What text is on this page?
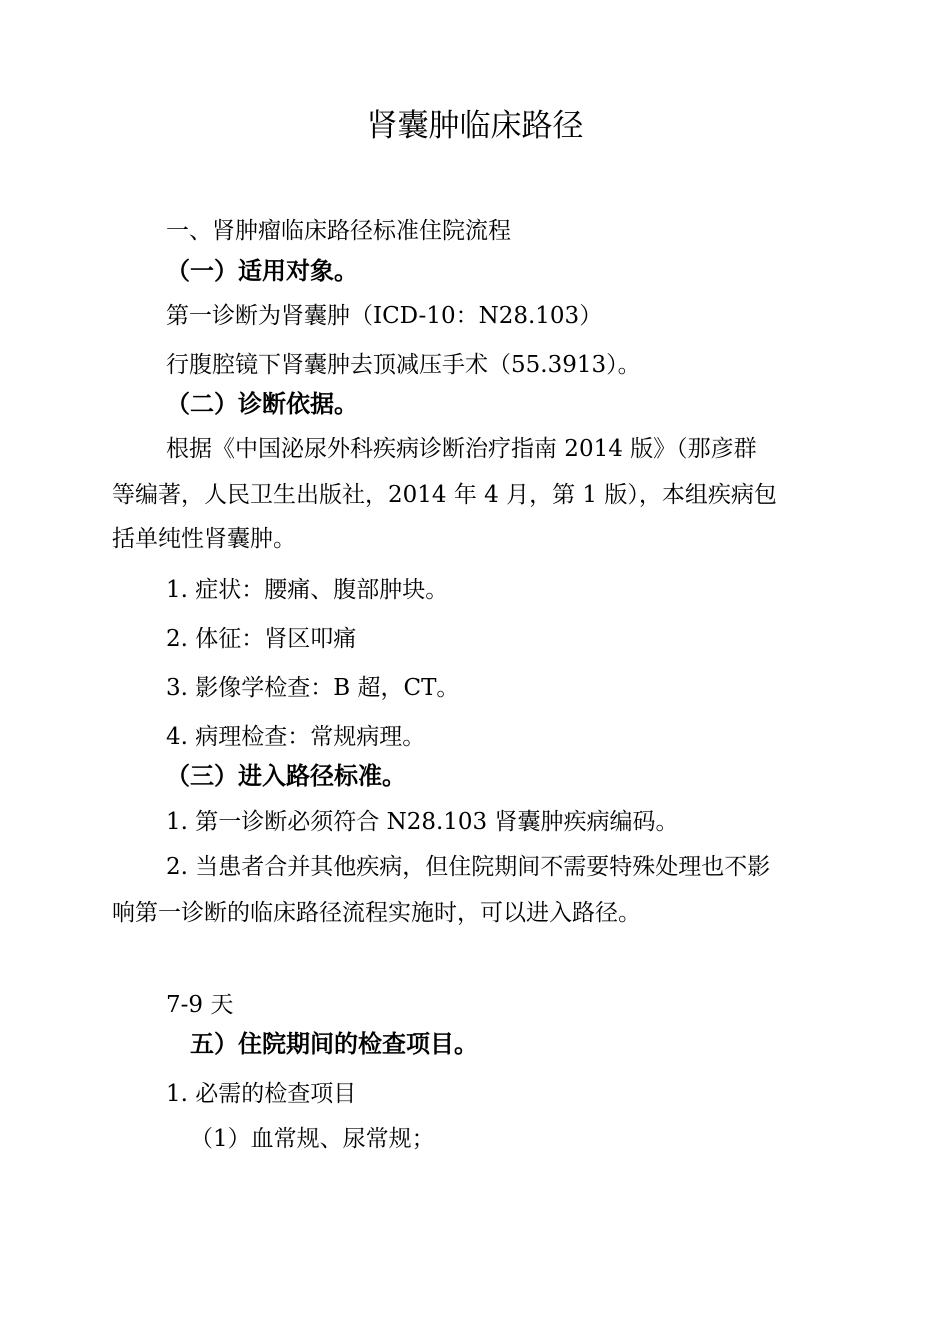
肾囊肿临床路径
一、肾肿瘤临床路径标准住院流程
（一）适用对象。
第一诊断为肾囊肿（ICD-10：N28.103）
行腹腔镜下肾囊肿去顶减压手术（55.3913）。
（二）诊断依据。
根据《中国泌尿外科疾病诊断治疗指南 2014 版》（那彦群
等编著，人民卫生出版社，2014 年 4 月，第 1 版），本组疾病包
括单纯性肾囊肿。
1. 症状：腰痛、腹部肿块。
2. 体征：肾区叩痛
3. 影像学检查：B 超，CT。
4. 病理检查：常规病理。
（三）进入路径标准。
1. 第一诊断必须符合 N28.103 肾囊肿疾病编码。
2. 当患者合并其他疾病，但住院期间不需要特殊处理也不影
响第一诊断的临床路径流程实施时，可以进入路径。
7-9 天
五）住院期间的检查项目。
1. 必需的检查项目
（1）血常规、尿常规；
